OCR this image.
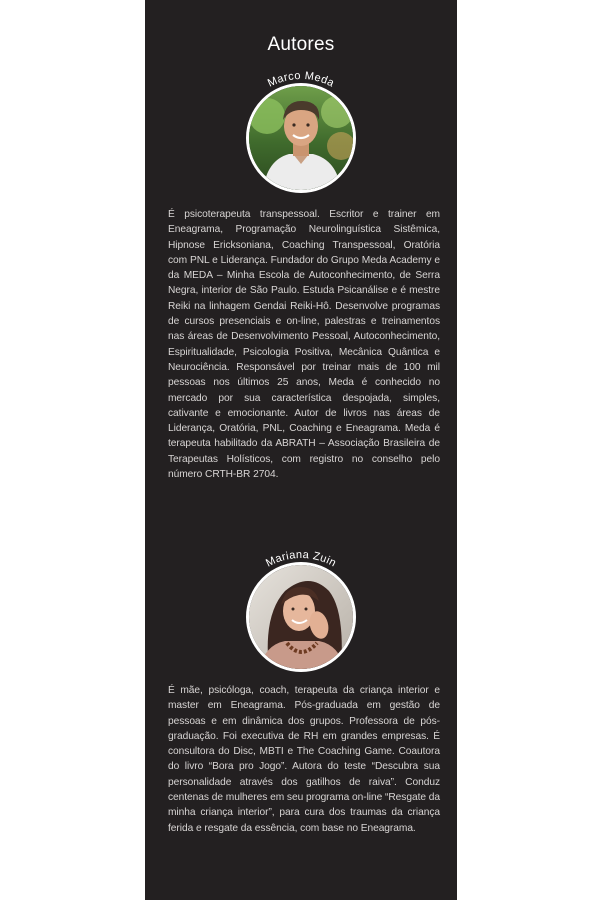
Autores
Marco Meda

É psicoterapeuta transpessoal. Escritor e trainer em Eneagrama, Programação Neurolinguística Sistêmica, Hipnose Ericksoniana, Coaching Transpessoal, Oratória com PNL e Liderança. Fundador do Grupo Meda Academy e da MEDA – Minha Escola de Autoconhecimento, de Serra Negra, interior de São Paulo. Estuda Psicanálise e é mestre Reiki na linhagem Gendai Reiki-Hô. Desenvolve programas de cursos presenciais e on-line, palestras e treinamentos nas áreas de Desenvolvimento Pessoal, Autoconhecimento, Espiritualidade, Psicologia Positiva, Mecânica Quântica e Neurociência. Responsável por treinar mais de 100 mil pessoas nos últimos 25 anos, Meda é conhecido no mercado por sua característica despojada, simples, cativante e emocionante. Autor de livros nas áreas de Liderança, Oratória, PNL, Coaching e Eneagrama. Meda é terapeuta habilitado da ABRATH – Associação Brasileira de Terapeutas Holísticos, com registro no conselho pelo número CRTH-BR 2704.

Mariana Zuin

É mãe, psicóloga, coach, terapeuta da criança interior e master em Eneagrama. Pós-graduada em gestão de pessoas e em dinâmica dos grupos. Professora de pós-graduação. Foi executiva de RH em grandes empresas. É consultora do Disc, MBTI e The Coaching Game. Coautora do livro “Bora pro Jogo”. Autora do teste “Descubra sua personalidade através dos gatilhos de raiva”. Conduz centenas de mulheres em seu programa on-line “Resgate da minha criança interior”, para cura dos traumas da criança ferida e resgate da essência, com base no Eneagrama.
